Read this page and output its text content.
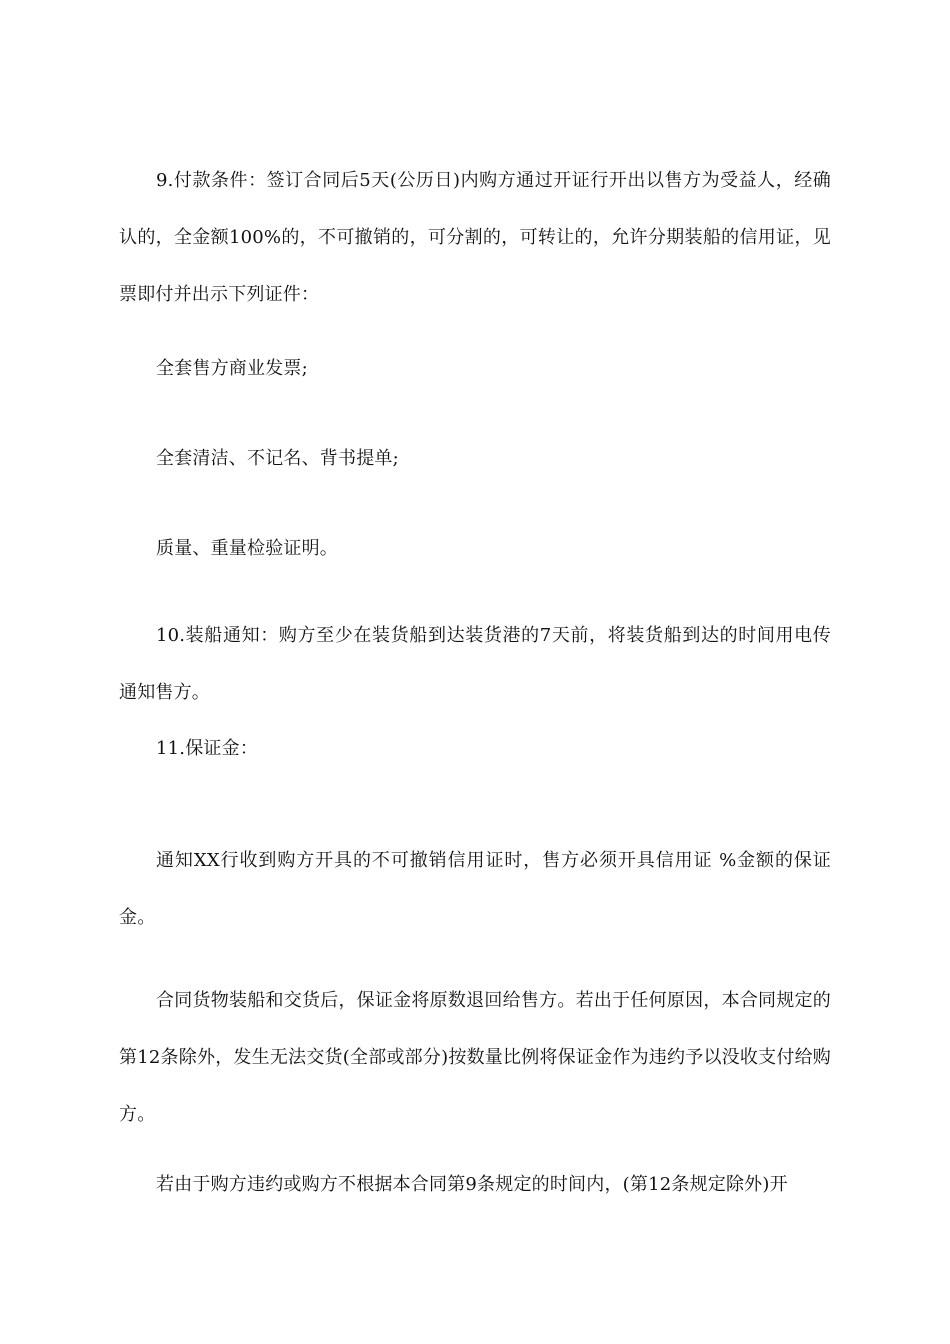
9.付款条件：签订合同后5天(公历日)内购方通过开证行开出以售方为受益人，经确认的，全金额100%的，不可撤销的，可分割的，可转让的，允许分期装船的信用证，见票即付并出示下列证件：

全套售方商业发票;

全套清洁、不记名、背书提单;

质量、重量检验证明。

10.装船通知：购方至少在装货船到达装货港的7天前，将装货船到达的时间用电传通知售方。

11.保证金：

通知XX行收到购方开具的不可撤销信用证时，售方必须开具信用证 %金额的保证金。

合同货物装船和交货后，保证金将原数退回给售方。若出于任何原因，本合同规定的第12条除外，发生无法交货(全部或部分)按数量比例将保证金作为违约予以没收支付给购方。

若由于购方违约或购方不根据本合同第9条规定的时间内，(第12条规定除外)开
